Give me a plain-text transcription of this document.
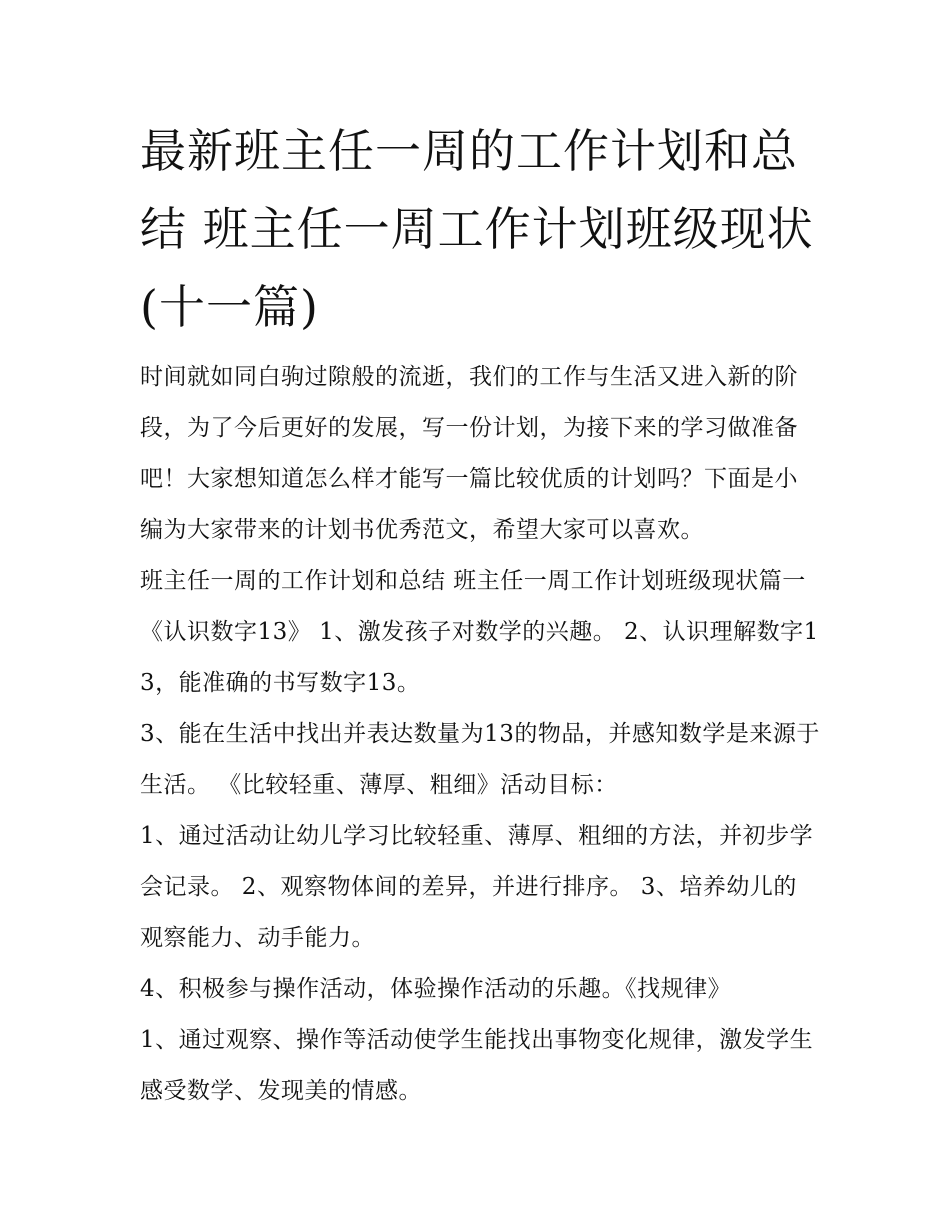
最新班主任一周的工作计划和总结 班主任一周工作计划班级现状(十一篇)

时间就如同白驹过隙般的流逝，我们的工作与生活又进入新的阶段，为了今后更好的发展，写一份计划，为接下来的学习做准备吧！大家想知道怎么样才能写一篇比较优质的计划吗？下面是小编为大家带来的计划书优秀范文，希望大家可以喜欢。

班主任一周的工作计划和总结 班主任一周工作计划班级现状篇一 《认识数字13》 1、激发孩子对数学的兴趣。 2、认识理解数字13，能准确的书写数字13。

3、能在生活中找出并表达数量为13的物品，并感知数学是来源于生活。 《比较轻重、薄厚、粗细》活动目标：

1、通过活动让幼儿学习比较轻重、薄厚、粗细的方法，并初步学会记录。 2、观察物体间的差异，并进行排序。 3、培养幼儿的观察能力、动手能力。

4、积极参与操作活动，体验操作活动的乐趣。《找规律》

1、通过观察、操作等活动使学生能找出事物变化规律，激发学生感受数学、发现美的情感。
